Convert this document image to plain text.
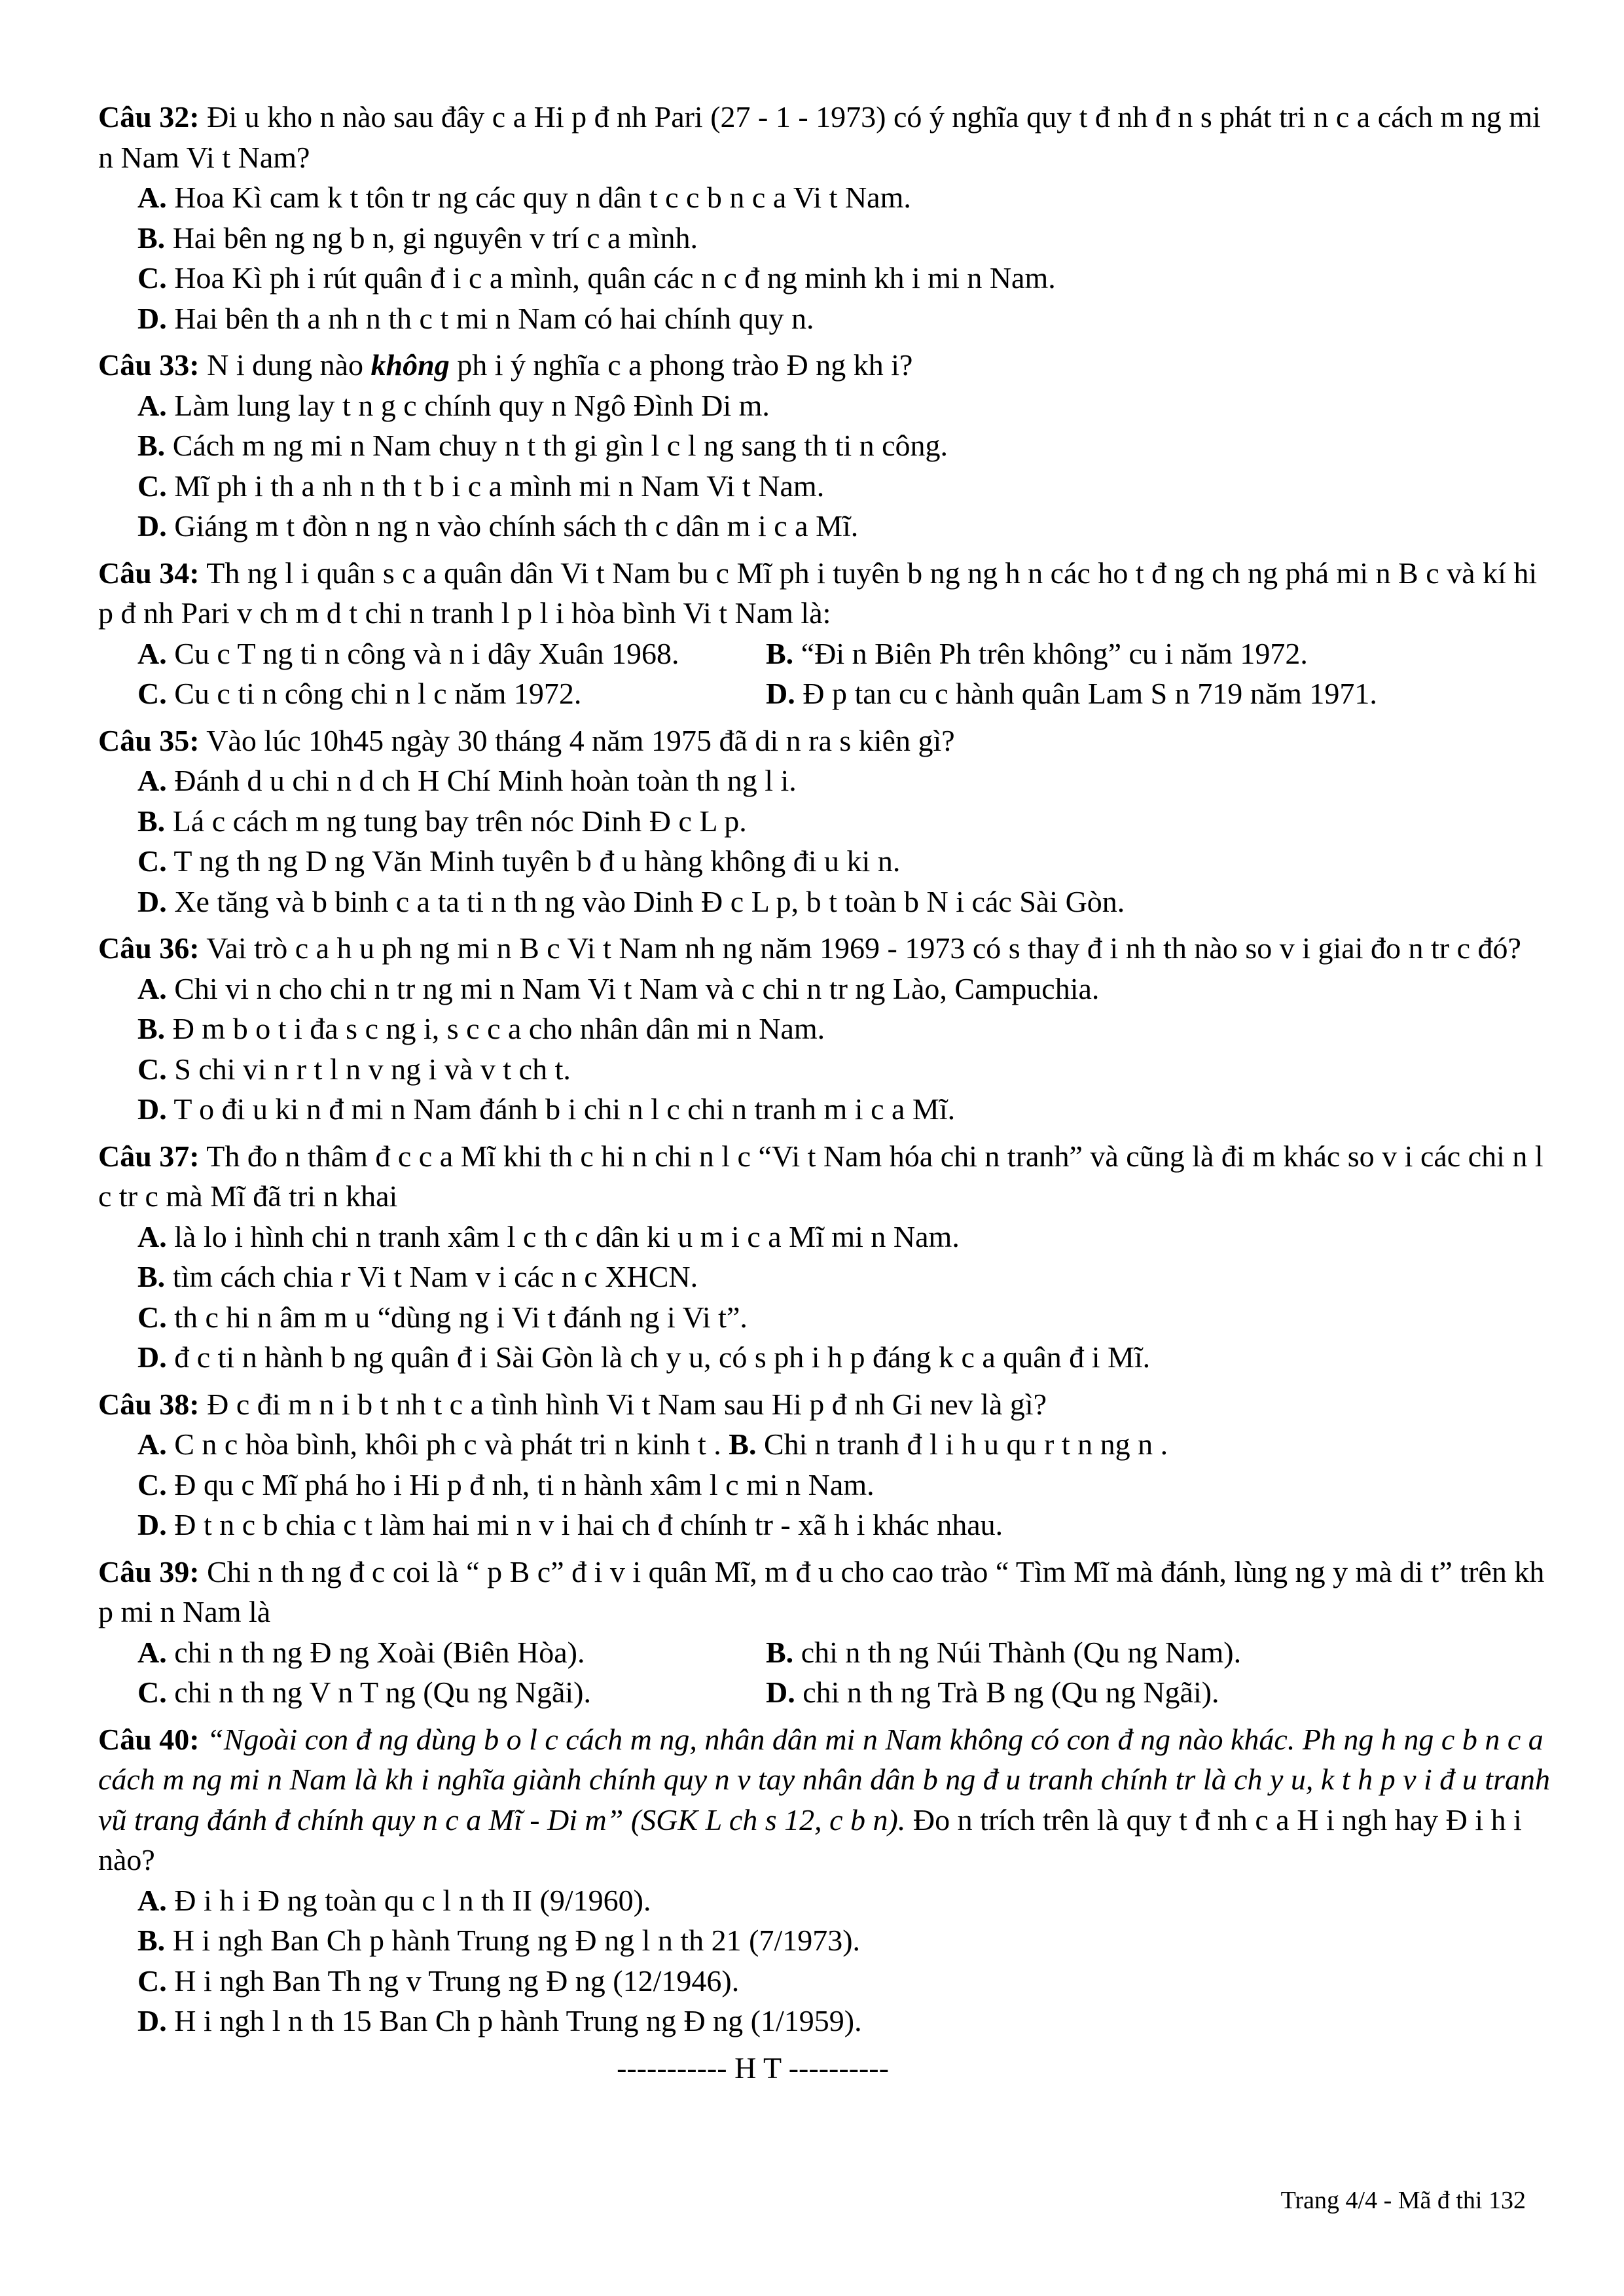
Câu 32: Đi u kho n nào sau đây c a Hi p đ nh Pari (27 - 1 - 1973) có ý nghĩa quy t đ nh đ n s phát tri n c a cách m ng mi n Nam Vi t Nam?
A. Hoa Kì cam k t tôn tr ng các quy n dân t c c b n c a Vi t Nam.
B. Hai bên ng ng b n, gi nguyên v trí c a mình.
C. Hoa Kì ph i rút quân đ i c a mình, quân các n c đ ng minh kh i mi n Nam.
D. Hai bên th a nh n th c t mi n Nam có hai chính quy n.
Câu 33: N i dung nào không ph i ý nghĩa c a phong trào Đ ng kh i?
A. Làm lung lay t n g c chính quy n Ngô Đình Di m.
B. Cách m ng mi n Nam chuy n t th gi gìn l c l ng sang th ti n công.
C. Mĩ ph i th a nh n th t b i c a mình mi n Nam Vi t Nam.
D. Giáng m t đòn n ng n vào chính sách th c dân m i c a Mĩ.
Câu 34: Th ng l i quân s c a quân dân Vi t Nam bu c Mĩ ph i tuyên b ng ng h n các ho t đ ng ch ng phá mi n B c và kí hi p đ nh Pari v ch m d t chi n tranh l p l i hòa bình Vi t Nam là:
A. Cu c T ng ti n công và n i dây Xuân 1968.	B. “Đi n Biên Ph trên không” cu i năm 1972.
C. Cu c ti n công chi n l c năm 1972.	D. Đ p tan cu c hành quân Lam S n 719 năm 1971.
Câu 35: Vào lúc 10h45 ngày 30 tháng 4 năm 1975 đã di n ra s kiên gì?
A. Đánh d u chi n d ch H Chí Minh hoàn toàn th ng l i.
B. Lá c cách m ng tung bay trên nóc Dinh Đ c L p.
C. T ng th ng D ng Văn Minh tuyên b đ u hàng không đi u ki n.
D. Xe tăng và b binh c a ta ti n th ng vào Dinh Đ c L p, b t toàn b N i các Sài Gòn.
Câu 36: Vai trò c a h u ph ng mi n B c Vi t Nam nh ng năm 1969 - 1973 có s thay đ i nh th nào so v i giai đo n tr c đó?
A. Chi vi n cho chi n tr ng mi n Nam Vi t Nam và c chi n tr ng Lào, Campuchia.
B. Đ m b o t i đa s c ng i, s c c a cho nhân dân mi n Nam.
C. S chi vi n r t l n v ng i và v t ch t.
D. T o đi u ki n đ mi n Nam đánh b i chi n l c chi n tranh m i c a Mĩ.
Câu 37: Th đo n thâm đ c c a Mĩ khi th c hi n chi n l c “Vi t Nam hóa chi n tranh” và cũng là đi m khác so v i các chi n l c tr c mà Mĩ đã tri n khai
A. là lo i hình chi n tranh xâm l c th c dân ki u m i c a Mĩ mi n Nam.
B. tìm cách chia r Vi t Nam v i các n c XHCN.
C. th c hi n âm m u “dùng ng i Vi t đánh ng i Vi t”.
D. đ c ti n hành b ng quân đ i Sài Gòn là ch y u, có s ph i h p đáng k c a quân đ i Mĩ.
Câu 38: Đ c đi m n i b t nh t c a tình hình Vi t Nam sau Hi p đ nh Gi nev là gì?
A. C n c hòa bình, khôi ph c và phát tri n kinh t . B. Chi n tranh đ l i h u qu r t n ng n .
C. Đ qu c Mĩ phá ho i Hi p đ nh, ti n hành xâm l c mi n Nam.
D. Đ t n c b chia c t làm hai mi n v i hai ch đ chính tr - xã h i khác nhau.
Câu 39: Chi n th ng đ c coi là “ p B c” đ i v i quân Mĩ, m đ u cho cao trào “ Tìm Mĩ mà đánh, lùng ng y mà di t” trên kh p mi n Nam là
A. chi n th ng Đ ng Xoài (Biên Hòa).	B. chi n th ng Núi Thành (Qu ng Nam).
C. chi n th ng V n T ng (Qu ng Ngãi).	D. chi n th ng Trà B ng (Qu ng Ngãi).
Câu 40: “Ngoài con đ ng dùng b o l c cách m ng, nhân dân mi n Nam không có con đ ng nào khác. Ph ng h ng c b n c a cách m ng mi n Nam là kh i nghĩa giành chính quy n v tay nhân dân b ng đ u tranh chính tr là ch y u, k t h p v i đ u tranh vũ trang đánh đ chính quy n c a Mĩ - Di m” (SGK L ch s 12, c b n). Đo n trích trên là quy t đ nh c a H i ngh hay Đ i h i nào?
A. Đ i h i Đ ng toàn qu c l n th II (9/1960).
B. H i ngh Ban Ch p hành Trung ng Đ ng l n th 21 (7/1973).
C. H i ngh Ban Th ng v Trung ng Đ ng (12/1946).
D. H i ngh l n th 15 Ban Ch p hành Trung ng Đ ng (1/1959).
----------- H T ----------
Trang 4/4 - Mã đ thi 132
